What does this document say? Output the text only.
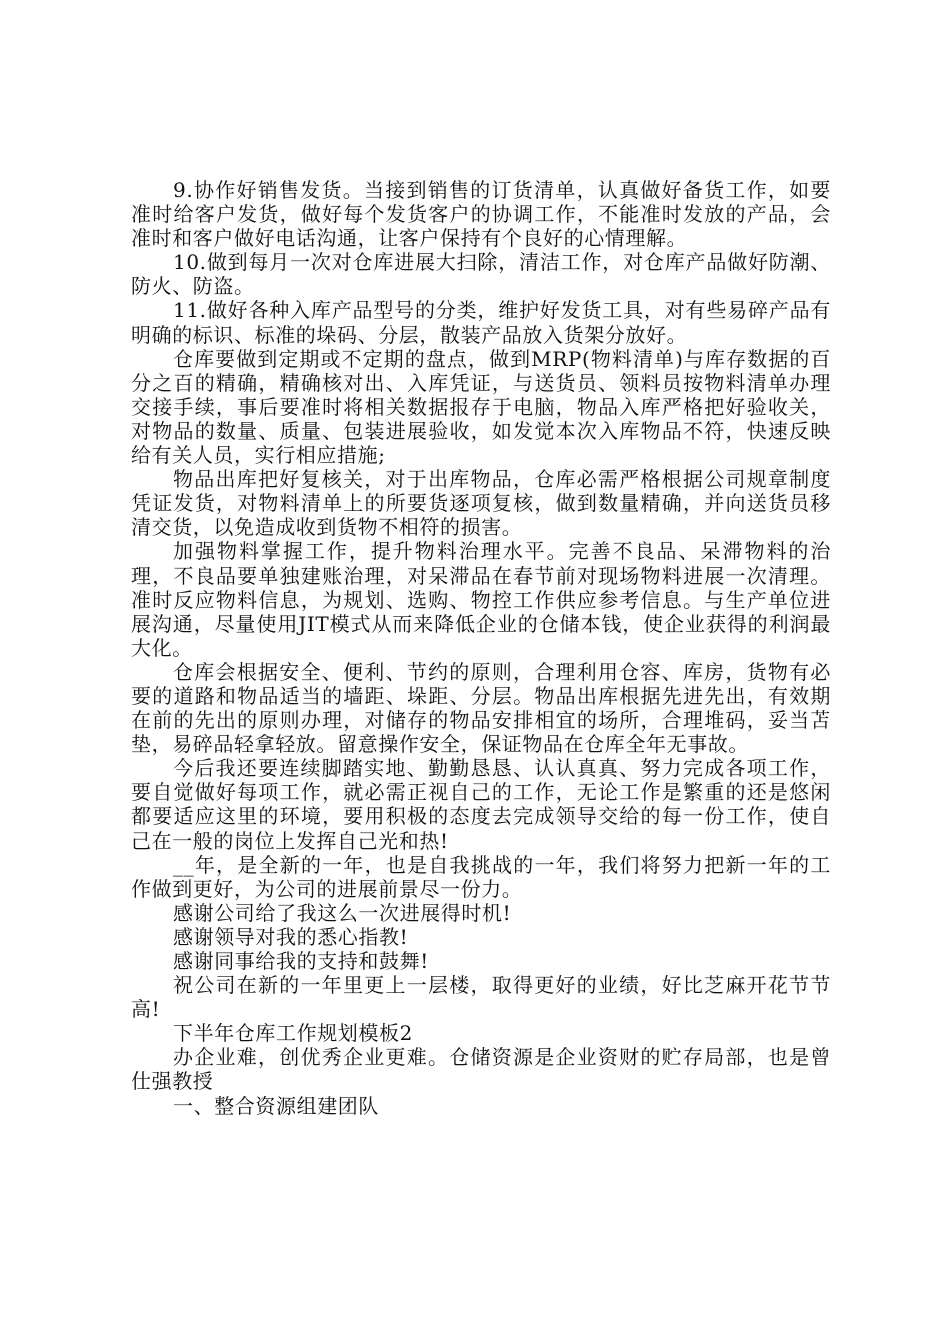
9.协作好销售发货。当接到销售的订货清单，认真做好备货工作，如要准时给客户发货，做好每个发货客户的协调工作，不能准时发放的产品，会准时和客户做好电话沟通，让客户保持有个良好的心情理解。

10.做到每月一次对仓库进展大扫除，清洁工作，对仓库产品做好防潮、防火、防盗。

11.做好各种入库产品型号的分类，维护好发货工具，对有些易碎产品有明确的标识、标准的垛码、分层，散装产品放入货架分放好。

仓库要做到定期或不定期的盘点，做到MRP(物料清单)与库存数据的百分之百的精确，精确核对出、入库凭证，与送货员、领料员按物料清单办理交接手续，事后要准时将相关数据报存于电脑，物品入库严格把好验收关，对物品的数量、质量、包装进展验收，如发觉本次入库物品不符，快速反映给有关人员，实行相应措施;

物品出库把好复核关，对于出库物品，仓库必需严格根据公司规章制度凭证发货，对物料清单上的所要货逐项复核，做到数量精确，并向送货员移清交货，以免造成收到货物不相符的损害。

加强物料掌握工作，提升物料治理水平。完善不良品、呆滞物料的治理，不良品要单独建账治理，对呆滞品在春节前对现场物料进展一次清理。准时反应物料信息，为规划、选购、物控工作供应参考信息。与生产单位进展沟通，尽量使用JIT模式从而来降低企业的仓储本钱，使企业获得的利润最大化。

仓库会根据安全、便利、节约的原则，合理利用仓容、库房，货物有必要的道路和物品适当的墙距、垛距、分层。物品出库根据先进先出，有效期在前的先出的原则办理，对储存的物品安排相宜的场所，合理堆码，妥当苫垫，易碎品轻拿轻放。留意操作安全，保证物品在仓库全年无事故。

今后我还要连续脚踏实地、勤勤恳恳、认认真真、努力完成各项工作，要自觉做好每项工作，就必需正视自己的工作，无论工作是繁重的还是悠闲都要适应这里的环境，要用积极的态度去完成领导交给的每一份工作，使自己在一般的岗位上发挥自己光和热!

__年，是全新的一年，也是自我挑战的一年，我们将努力把新一年的工作做到更好，为公司的进展前景尽一份力。

感谢公司给了我这么一次进展得时机!

感谢领导对我的悉心指教!

感谢同事给我的支持和鼓舞!

祝公司在新的一年里更上一层楼，取得更好的业绩，好比芝麻开花节节高!

下半年仓库工作规划模板2

办企业难，创优秀企业更难。仓储资源是企业资财的贮存局部，也是曾仕强教授

一、整合资源组建团队
